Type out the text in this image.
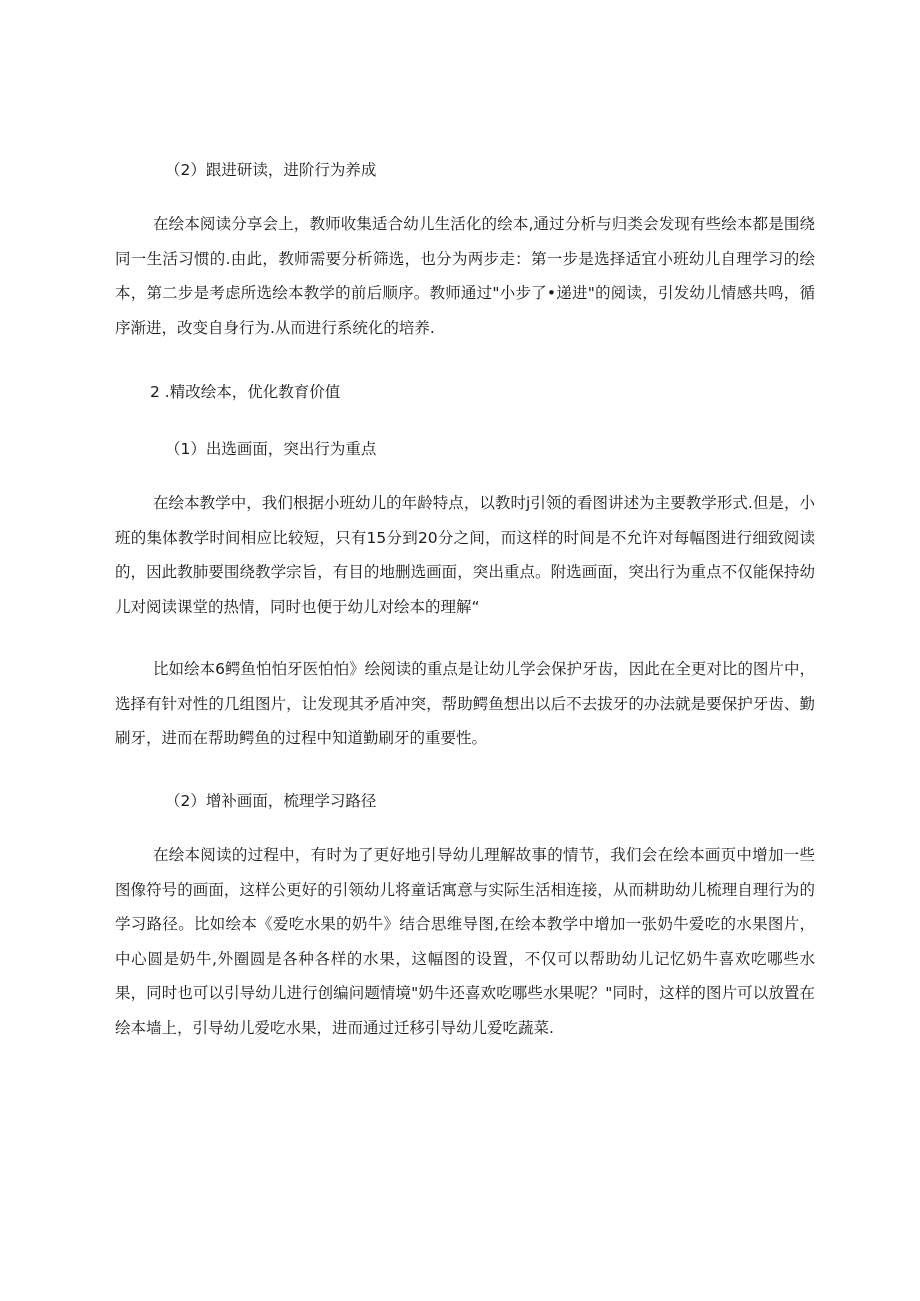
（2）跟进研读，进阶行为养成

在绘本阅读分享会上，教师收集适合幼儿生活化的绘本,通过分析与归类会发现有些绘本都是围绕同一生活习惯的.由此，教师需要分析筛选，也分为两步走：第一步是选择适宜小班幼儿自理学习的绘本，第二步是考虑所选绘本教学的前后顺序。教师通过"小步了•递进"的阅读，引发幼儿情感共鸣，循序渐进，改变自身行为.从而进行系统化的培养.

2 .精改绘本，优化教育价值
（1）出选画面，突出行为重点

在绘本教学中，我们根据小班幼儿的年龄特点，以教时j引领的看图讲述为主要教学形式.但是，小班的集体教学时间相应比较短，只有15分到20分之间，而这样的时间是不允许对每幅图进行细致阅读的，因此教肺要围绕教学宗旨，有目的地删选画面，突出重点。附选画面，突出行为重点不仅能保持幼儿对阅读课堂的热情，同时也便于幼儿对绘本的理解“

比如绘本6鳄鱼怕怕牙医怕怕》绘阅读的重点是让幼儿学会保护牙齿，因此在全更对比的图片中，选择有针对性的几组图片，让发现其矛盾冲突，帮助鳄鱼想出以后不去拔牙的办法就是要保护牙齿、勤刷牙，进而在帮助鳄鱼的过程中知道勤刷牙的重要性。

（2）增补画面，梳理学习路径

在绘本阅读的过程中，有时为了更好地引导幼儿理解故事的情节，我们会在绘本画页中增加一些图像符号的画面，这样公更好的引领幼儿将童话寓意与实际生活相连接，从而耕助幼儿梳理自理行为的学习路径。比如绘本《爱吃水果的奶牛》结合思维导图,在绘本教学中增加一张奶牛爱吃的水果图片，中心圆是奶牛,外圈圆是各种各样的水果，这幅图的设置，不仅可以帮助幼儿记忆奶牛喜欢吃哪些水果，同时也可以引导幼儿进行创编问题情境"奶牛还喜欢吃哪些水果呢？"同时，这样的图片可以放置在绘本墙上，引导幼儿爱吃水果，进而通过迁移引导幼儿爱吃蔬菜.
